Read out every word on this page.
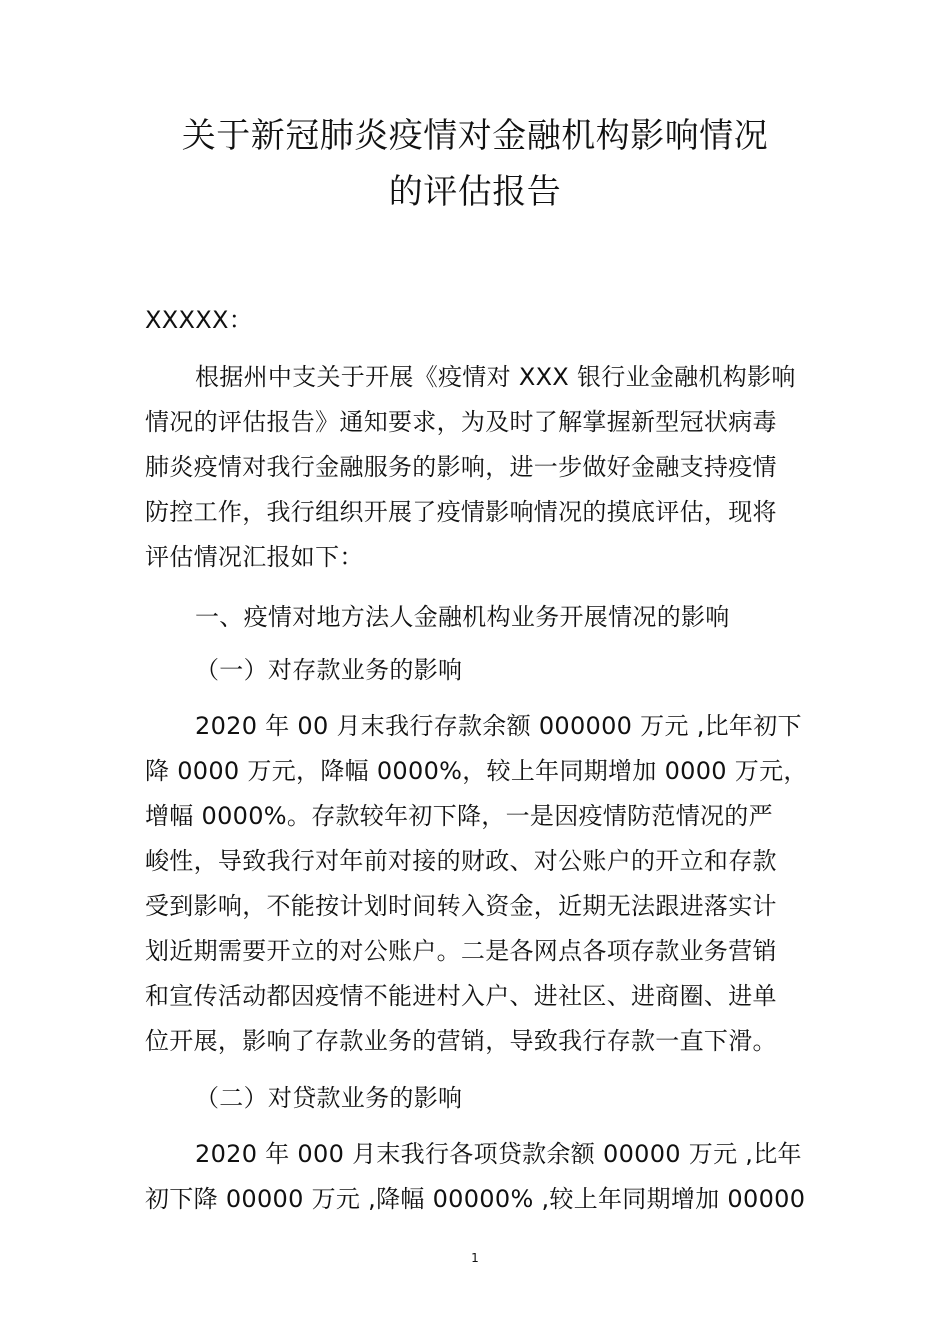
关于新冠肺炎疫情对金融机构影响情况
的评估报告
XXXXX：
根据州中支关于开展《疫情对 XXX 银行业金融机构影响
情况的评估报告》通知要求，为及时了解掌握新型冠状病毒
肺炎疫情对我行金融服务的影响，进一步做好金融支持疫情
防控工作，我行组织开展了疫情影响情况的摸底评估，现将
评估情况汇报如下：
一、疫情对地方法人金融机构业务开展情况的影响
（一）对存款业务的影响
2020 年 00 月末我行存款余额 000000 万元 ,比年初下
降 0000 万元，降幅 0000%，较上年同期增加 0000 万元，
增幅 0000%。存款较年初下降，一是因疫情防范情况的严
峻性，导致我行对年前对接的财政、对公账户的开立和存款
受到影响，不能按计划时间转入资金，近期无法跟进落实计
划近期需要开立的对公账户。二是各网点各项存款业务营销
和宣传活动都因疫情不能进村入户、进社区、进商圈、进单
位开展，影响了存款业务的营销，导致我行存款一直下滑。
（二）对贷款业务的影响
2020 年 000 月末我行各项贷款余额 00000 万元 ,比年
初下降 00000 万元 ,降幅 00000% ,较上年同期增加 00000
1
